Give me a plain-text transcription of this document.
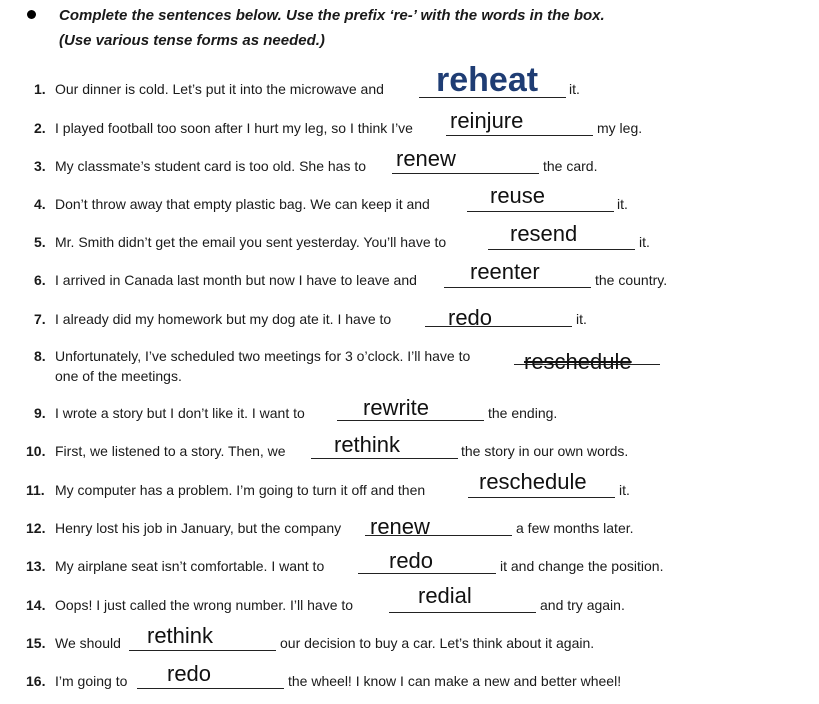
Complete the sentences below. Use the prefix ‘re-’ with the words in the box.
(Use various tense forms as needed.)
1. Our dinner is cold. Let’s put it into the microwave and reheat it.
2. I played football too soon after I hurt my leg, so I think I’ve reinjure	my leg.
3. My classmate’s student card is too old. She has to renew	the card.
4. Don’t throw away that empty plastic bag. We can keep it and	reuse	it.
5. Mr. Smith didn’t get the email you sent yesterday. You’ll have to	resend	it.
6. I arrived in Canada last month but now I have to leave and reenter	the country.
7. I already did my homework but my dog ate it. I have to	redo	it.
8. Unfortunately, I’ve scheduled two meetings for 3 o’clock. I’ll have to reschedule
one of the meetings.
9. I wrote a story but I don’t like it. I want to	rewrite	the ending.
10. First, we listened to a story. Then, we rethink	the story in our own words.
11. My computer has a problem. I’m going to turn it off and then reschedule it.
12. Henry lost his job in January, but the company renew	a few months later.
13. My airplane seat isn’t comfortable. I want to	redo	it and change the position.
14. Oops! I just called the wrong number. I’ll have to	redial	and try again.
15. We should rethink	our decision to buy a car. Let’s think about it again.
16. I’m going to redo	the wheel! I know I can make a new and better wheel!
